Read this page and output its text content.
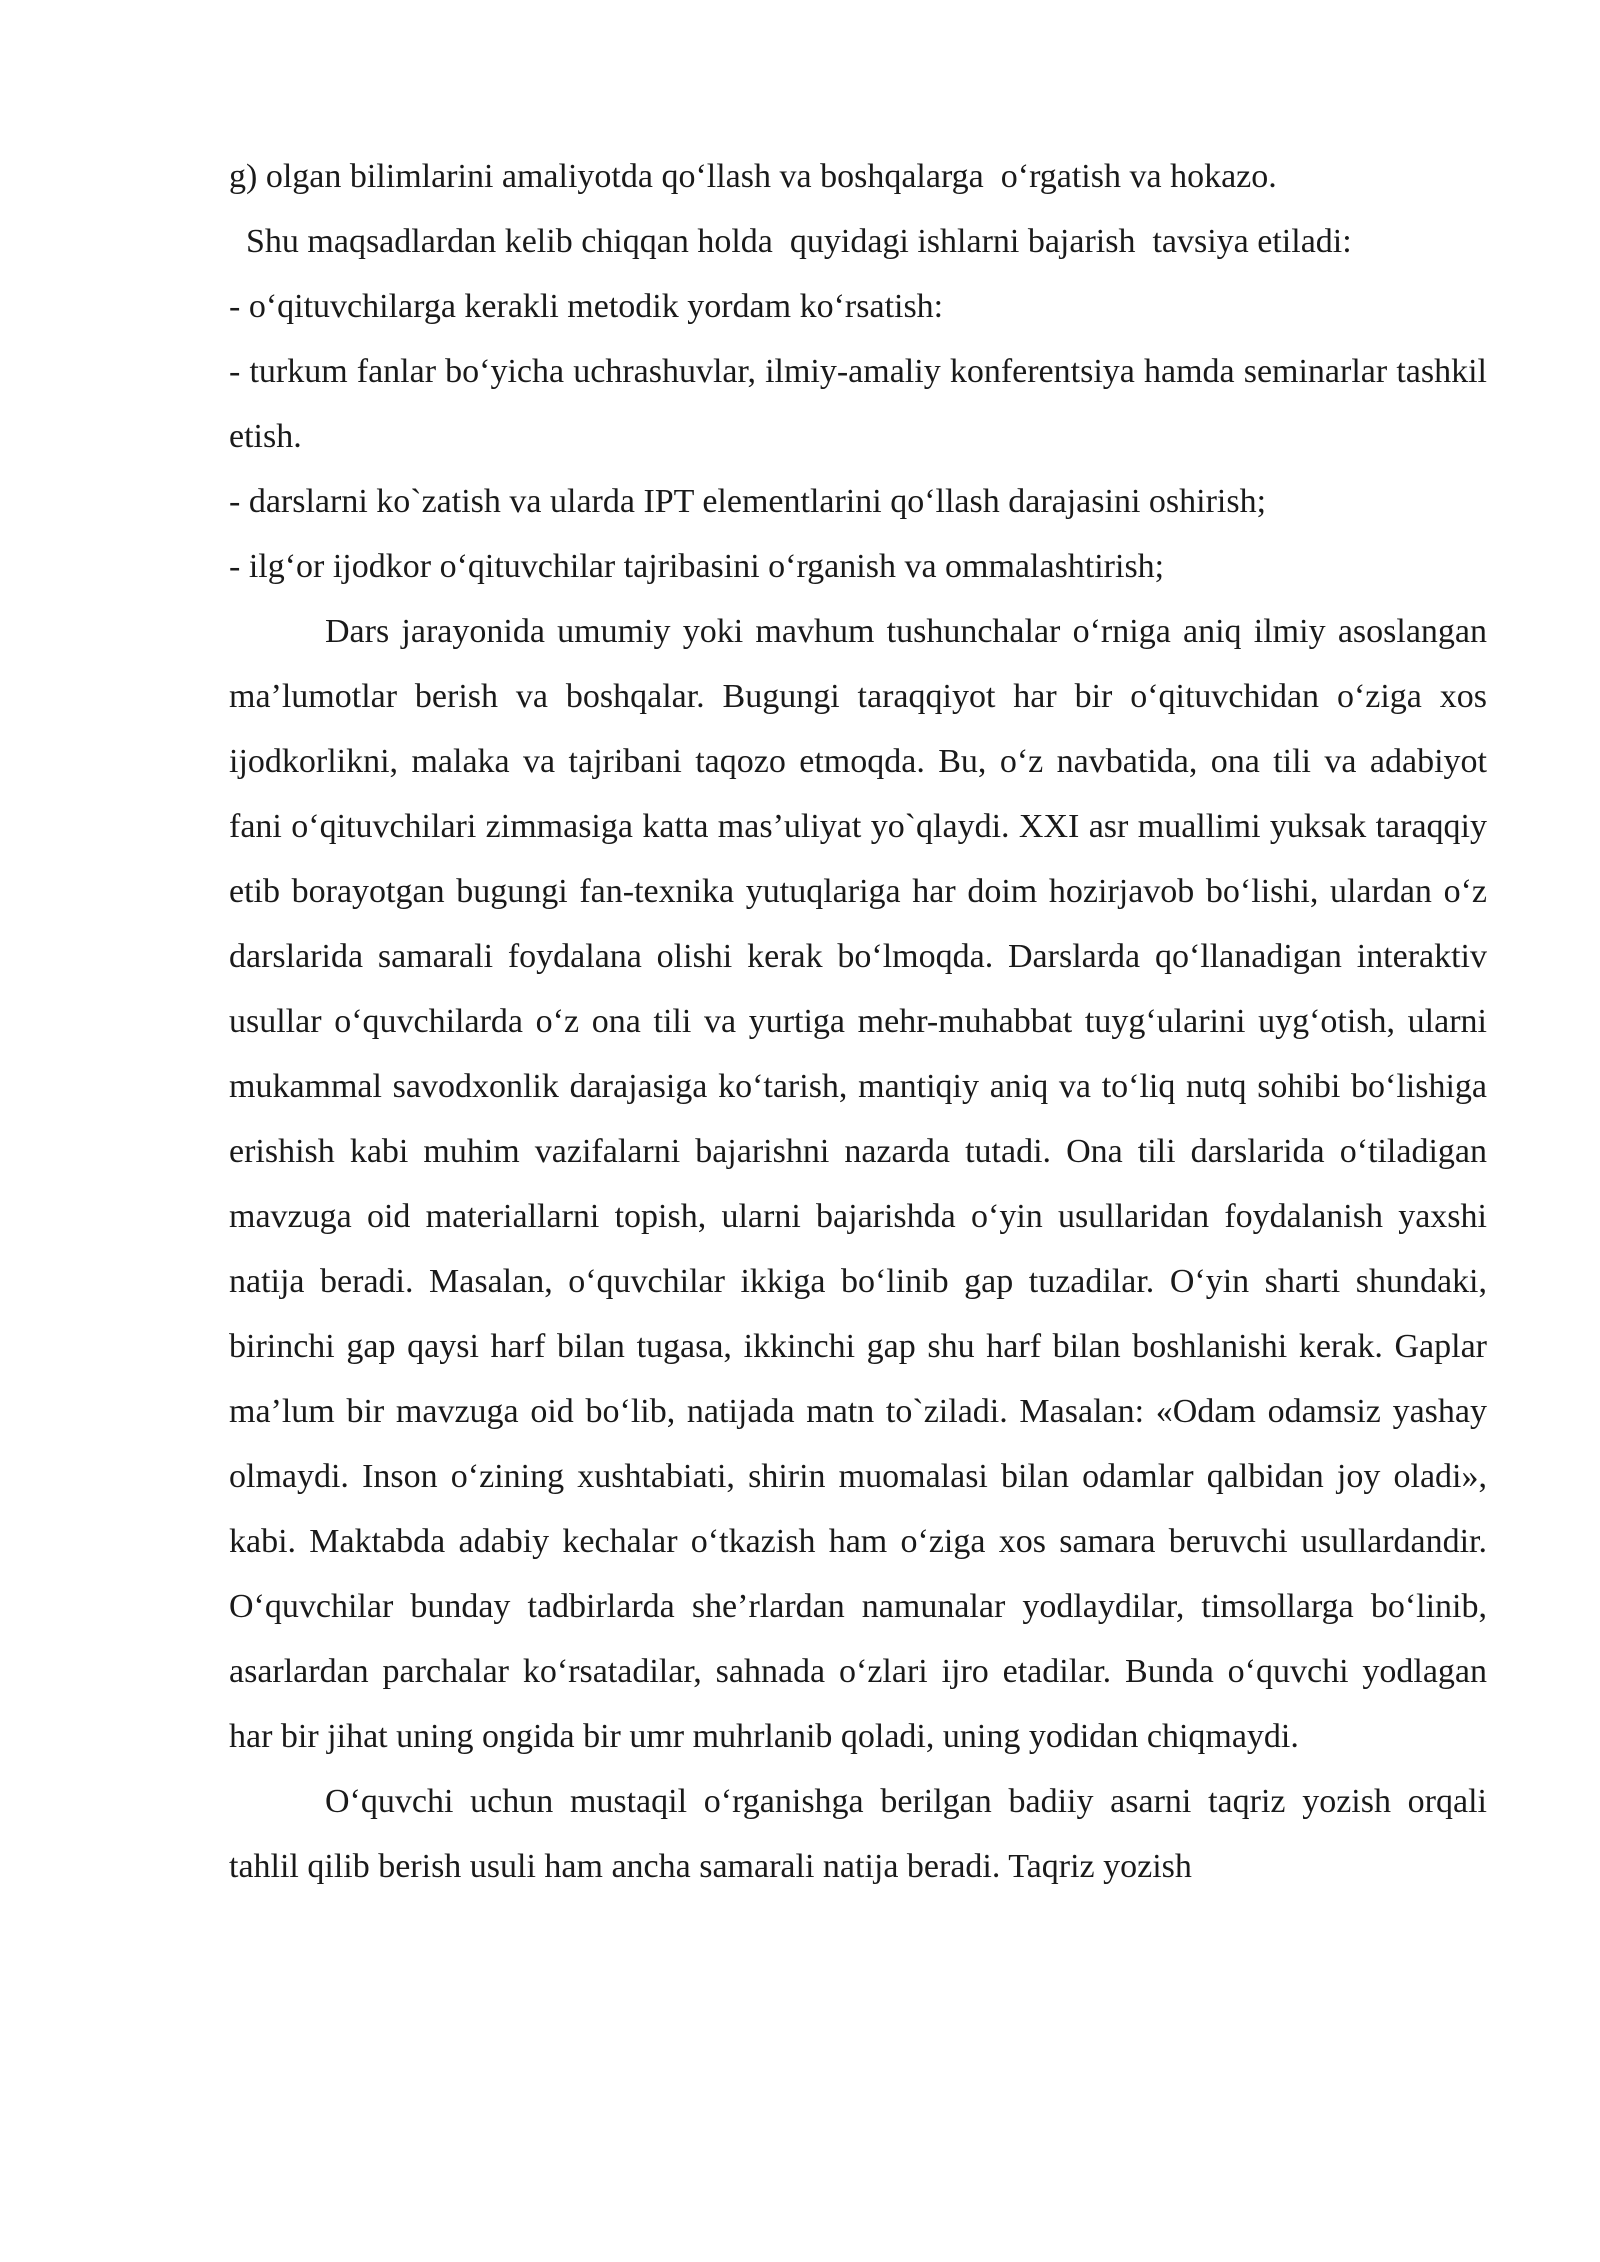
g) olgan bilimlarini amaliyotda qo‘llash va boshqalarga  o‘rgatish va hokazo.

Shu maqsadlardan kelib chiqqan holda  quyidagi ishlarni bajarish  tavsiya etiladi:

- o‘qituvchilarga kerakli metodik yordam ko‘rsatish:

- turkum fanlar bo‘yicha uchrashuvlar, ilmiy-amaliy konferentsiya hamda seminarlar tashkil etish.

- darslarni ko`zatish va ularda IPT elementlarini qo‘llash darajasini oshirish;

- ilg‘or ijodkor o‘qituvchilar tajribasini o‘rganish va ommalashtirish;

Dars jarayonida umumiy yoki mavhum tushunchalar o‘rniga aniq ilmiy asoslangan ma’lumotlar berish va boshqalar. Bugungi taraqqiyot har bir o‘qituvchidan o‘ziga xos ijodkorlikni, malaka va tajribani taqozo etmoqda. Bu, o‘z navbatida, ona tili va adabiyot fani o‘qituvchilari zimmasiga katta mas’uliyat yo`qlaydi. XXI asr muallimi yuksak taraqqiy etib borayotgan bugungi fan-texnika yutuqlariga har doim hozirjavob bo‘lishi, ulardan o‘z darslarida samarali foydalana olishi kerak bo‘lmoqda. Darslarda qo‘llanadigan interaktiv usullar o‘quvchilarda o‘z ona tili va yurtiga mehr-muhabbat tuyg‘ularini uyg‘otish, ularni mukammal savodxonlik darajasiga ko‘tarish, mantiqiy aniq va to‘liq nutq sohibi bo‘lishiga erishish kabi muhim vazifalarni bajarishni nazarda tutadi. Ona tili darslarida o‘tiladigan mavzuga oid materiallarni topish, ularni bajarishda o‘yin usullaridan foydalanish yaxshi natija beradi. Masalan, o‘quvchilar ikkiga bo‘linib gap tuzadilar. O‘yin sharti shundaki, birinchi gap qaysi harf bilan tugasa, ikkinchi gap shu harf bilan boshlanishi kerak. Gaplar ma’lum bir mavzuga oid bo‘lib, natijada matn to`ziladi. Masalan: «Odam odamsiz yashay olmaydi. Inson o‘zining xushtabiati, shirin muomalasi bilan odamlar qalbidan joy oladi», kabi. Maktabda adabiy kechalar o‘tkazish ham o‘ziga xos samara beruvchi usullardandir. O‘quvchilar bunday tadbirlarda she’rlardan namunalar yodlaydilar, timsollarga bo‘linib, asarlardan parchalar ko‘rsatadilar, sahnada o‘zlari ijro etadilar. Bunda o‘quvchi yodlagan har bir jihat uning ongida bir umr muhrlanib qoladi, uning yodidan chiqmaydi.

O‘quvchi uchun mustaqil o‘rganishga berilgan badiiy asarni taqriz yozish orqali tahlil qilib berish usuli ham ancha samarali natija beradi. Taqriz yozish
